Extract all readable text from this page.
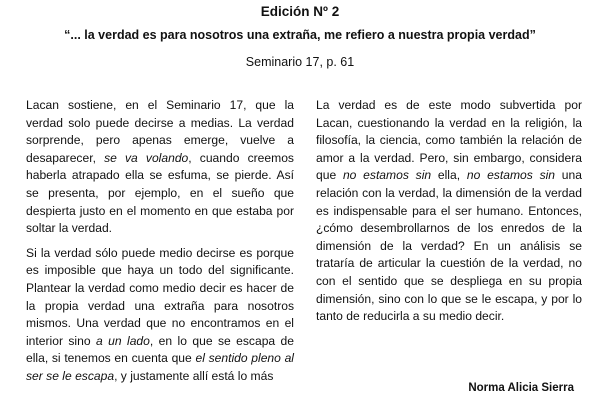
Edición Nº 2
“... la verdad es para nosotros una extraña, me refiero a nuestra propia verdad”
Seminario 17, p. 61

Lacan sostiene, en el Seminario 17, que la verdad solo puede decirse a medias. La verdad sorprende, pero apenas emerge, vuelve a desaparecer, se va volando, cuando creemos haberla atrapado ella se esfuma, se pierde. Así se presenta, por ejemplo, en el sueño que despierta justo en el momento en que estaba por soltar la verdad.

Si la verdad sólo puede medio decirse es porque es imposible que haya un todo del significante. Plantear la verdad como medio decir es hacer de la propia verdad una extraña para nosotros mismos. Una verdad que no encontramos en el interior sino a un lado, en lo que se escapa de ella, si tenemos en cuenta que el sentido pleno al ser se le escapa, y justamente allí está lo más

La verdad es de este modo subvertida por Lacan, cuestionando la verdad en la religión, la filosofía, la ciencia, como también la relación de amor a la verdad. Pero, sin embargo, considera que no estamos sin ella, no estamos sin una relación con la verdad, la dimensión de la verdad es indispensable para el ser humano. Entonces, ¿cómo desembrollarnos de los enredos de la dimensión de la verdad? En un análisis se trataría de articular la cuestión de la verdad, no con el sentido que se despliega en su propia dimensión, sino con lo que se le escapa, y por lo tanto de reducirla a su medio decir.

Norma Alicia Sierra
